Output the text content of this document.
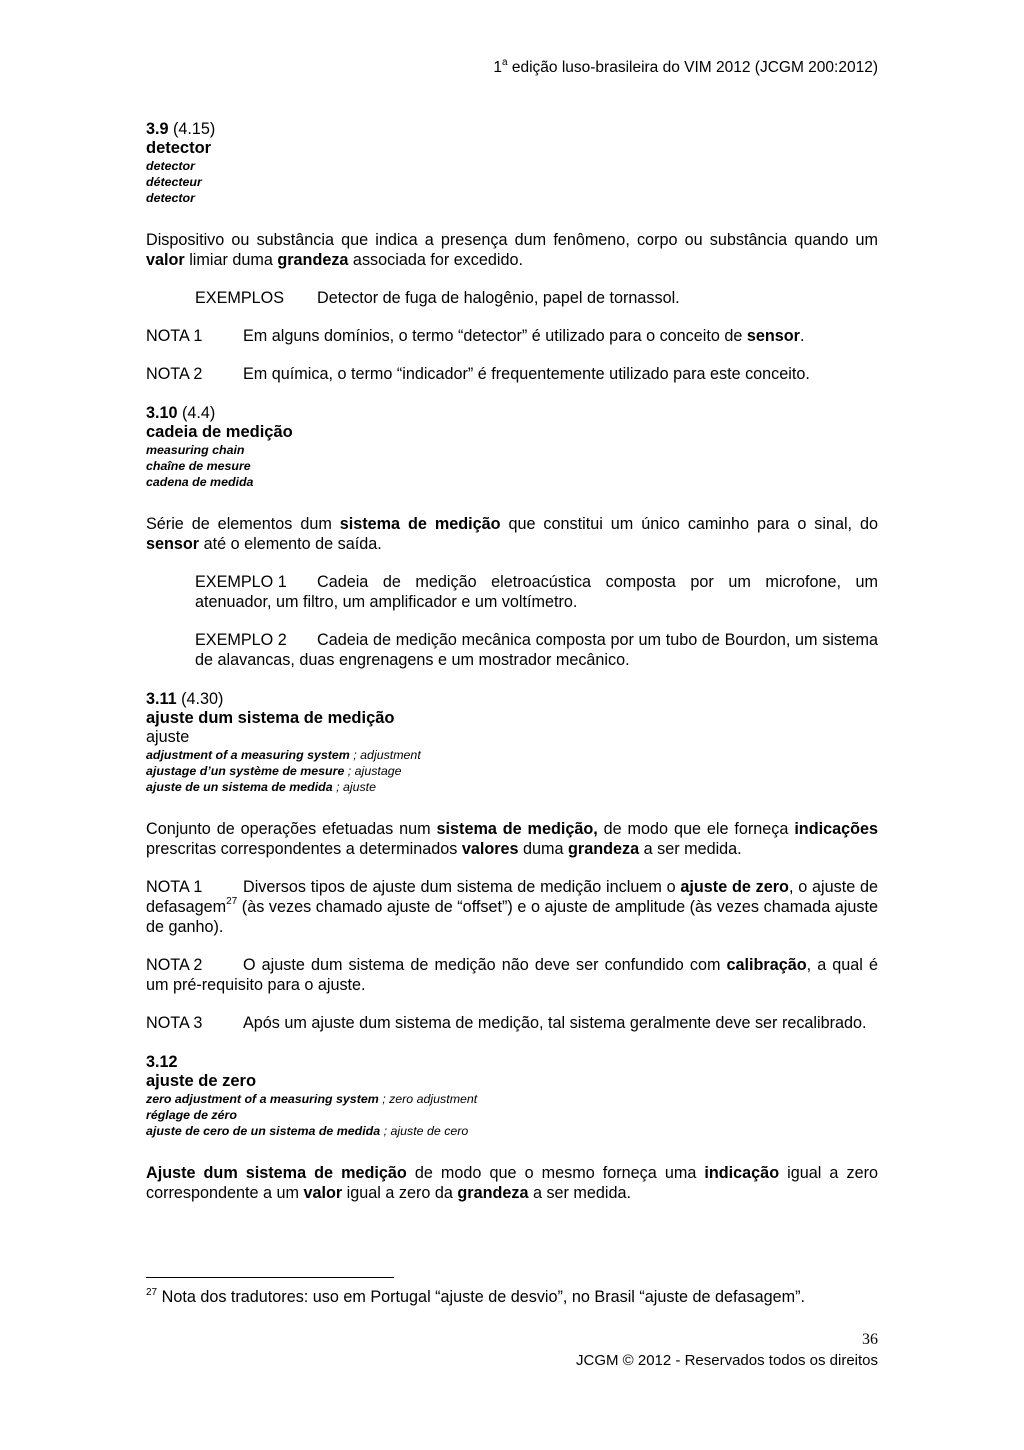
1$^a$ edição luso-brasileira do VIM 2012 (JCGM 200:2012)
3.9 (4.15)
detector
detector
détecteur
detector

Dispositivo ou substância que indica a presença dum fenômeno, corpo ou substância quando um valor limiar duma grandeza associada for excedido.

EXEMPLOS Detector de fuga de halogênio, papel de tornassol.
NOTA 1	Em alguns domínios, o termo “detector” é utilizado para o conceito de sensor.
NOTA 2	Em química, o termo “indicador” é frequentemente utilizado para este conceito.
3.10 (4.4)
cadeia de medição
measuring chain
chaîne de mesure
cadena de medida

Série de elementos dum sistema de medição que constitui um único caminho para o sinal, do sensor até o elemento de saída.

EXEMPLO 1 Cadeia de medição eletroacústica composta por um microfone, um atenuador, um filtro, um amplificador e um voltímetro.

EXEMPLO 2 Cadeia de medição mecânica composta por um tubo de Bourdon, um sistema de alavancas, duas engrenagens e um mostrador mecânico.

3.11 (4.30)
ajuste dum sistema de medição
ajuste
adjustment of a measuring system ; adjustment
ajustage d’un système de mesure ; ajustage
ajuste de un sistema de medida ; ajuste

Conjunto de operações efetuadas num sistema de medição, de modo que ele forneça indicações prescritas correspondentes a determinados valores duma grandeza a ser medida.

NOTA 1	Diversos tipos de ajuste dum sistema de medição incluem o ajuste de zero, o ajuste de defasagem$^{27}$ (às vezes chamado ajuste de “offset”) e o ajuste de amplitude (às vezes chamada ajuste de ganho).

NOTA 2	O ajuste dum sistema de medição não deve ser confundido com calibração, a qual é um pré-requisito para o ajuste.

NOTA 3	Após um ajuste dum sistema de medição, tal sistema geralmente deve ser recalibrado.

3.12
ajuste de zero
zero adjustment of a measuring system ; zero adjustment
réglage de zéro
ajuste de cero de un sistema de medida ; ajuste de cero

Ajuste dum sistema de medição de modo que o mesmo forneça uma indicação igual a zero correspondente a um valor igual a zero da grandeza a ser medida.

$^{27}$ Nota dos tradutores: uso em Portugal “ajuste de desvio”, no Brasil “ajuste de defasagem”.
36
JCGM © 2012 - Reservados todos os direitos
